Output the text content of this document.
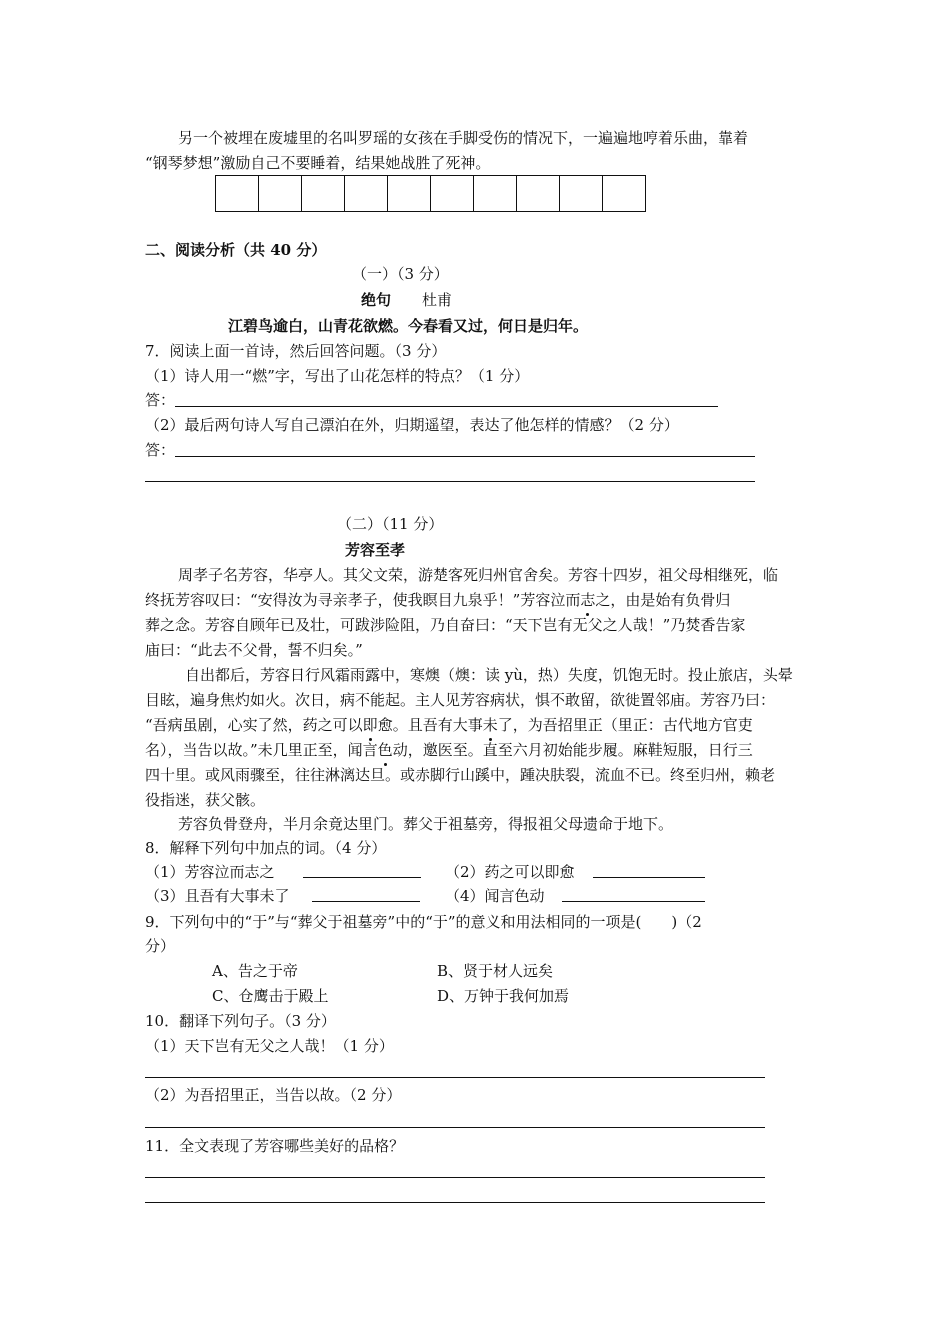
另一个被埋在废墟里的名叫罗瑶的女孩在手脚受伤的情况下，一遍遍地哼着乐曲，靠着
“钢琴梦想”激励自己不要睡着，结果她战胜了死神。
二、阅读分析（共 40 分）
（一）（3 分）
绝句 杜甫
江碧鸟逾白，山青花欲燃。今春看又过，何日是归年。
7．阅读上面一首诗，然后回答问题。（3 分）
（1）诗人用一“燃”字，写出了山花怎样的特点？（1 分）
答：
（2）最后两句诗人写自己漂泊在外，归期遥望，表达了他怎样的情感？（2 分）
答：
（二）（11 分）
芳容至孝
周孝子名芳容，华亭人。其父文荣，游楚客死归州官舍矣。芳容十四岁，祖父母相继死，临
终抚芳容叹曰：“安得汝为寻亲孝子，使我瞑目九泉乎！”芳容泣而志之，由是始有负骨归
葬之念。芳容自顾年已及壮，可跋涉险阻，乃自奋曰：“天下岂有无父之人哉！”乃焚香告家
庙曰：“此去不父骨，誓不归矣。”
自出都后，芳容日行风霜雨露中，寒燠（燠：读 yù，热）失度，饥饱无时。投止旅店，头晕
目眩，遍身焦灼如火。次日，病不能起。主人见芳容病状，惧不敢留，欲徙置邻庙。芳容乃曰：
“吾病虽剧，心实了然，药之可以即愈。且吾有大事未了，为吾招里正（里正：古代地方官吏
名），当告以故。”未几里正至，闻言色动，邀医至。直至六月初始能步履。麻鞋短服，日行三
四十里。或风雨骤至，往往淋漓达旦。或赤脚行山蹊中，踵决肤裂，流血不已。终至归州，赖老
役指迷，获父骸。
芳容负骨登舟，半月余竟达里门。葬父于祖墓旁，得报祖父母遗命于地下。
8．解释下列句中加点的词。（4 分）
（1）芳容泣而志之	（2）药之可以即愈
（3）且吾有大事未了	（4）闻言色动
9．下列句中的“于”与“葬父于祖墓旁”中的“于”的意义和用法相同的一项是(　　)（2
分）
A、告之于帝	B、贤于材人远矣
C、仓鹰击于殿上	D、万钟于我何加焉
10．翻译下列句子。（3 分）
（1）天下岂有无父之人哉！（1 分）
（2）为吾招里正，当告以故。（2 分）
11．全文表现了芳容哪些美好的品格？
